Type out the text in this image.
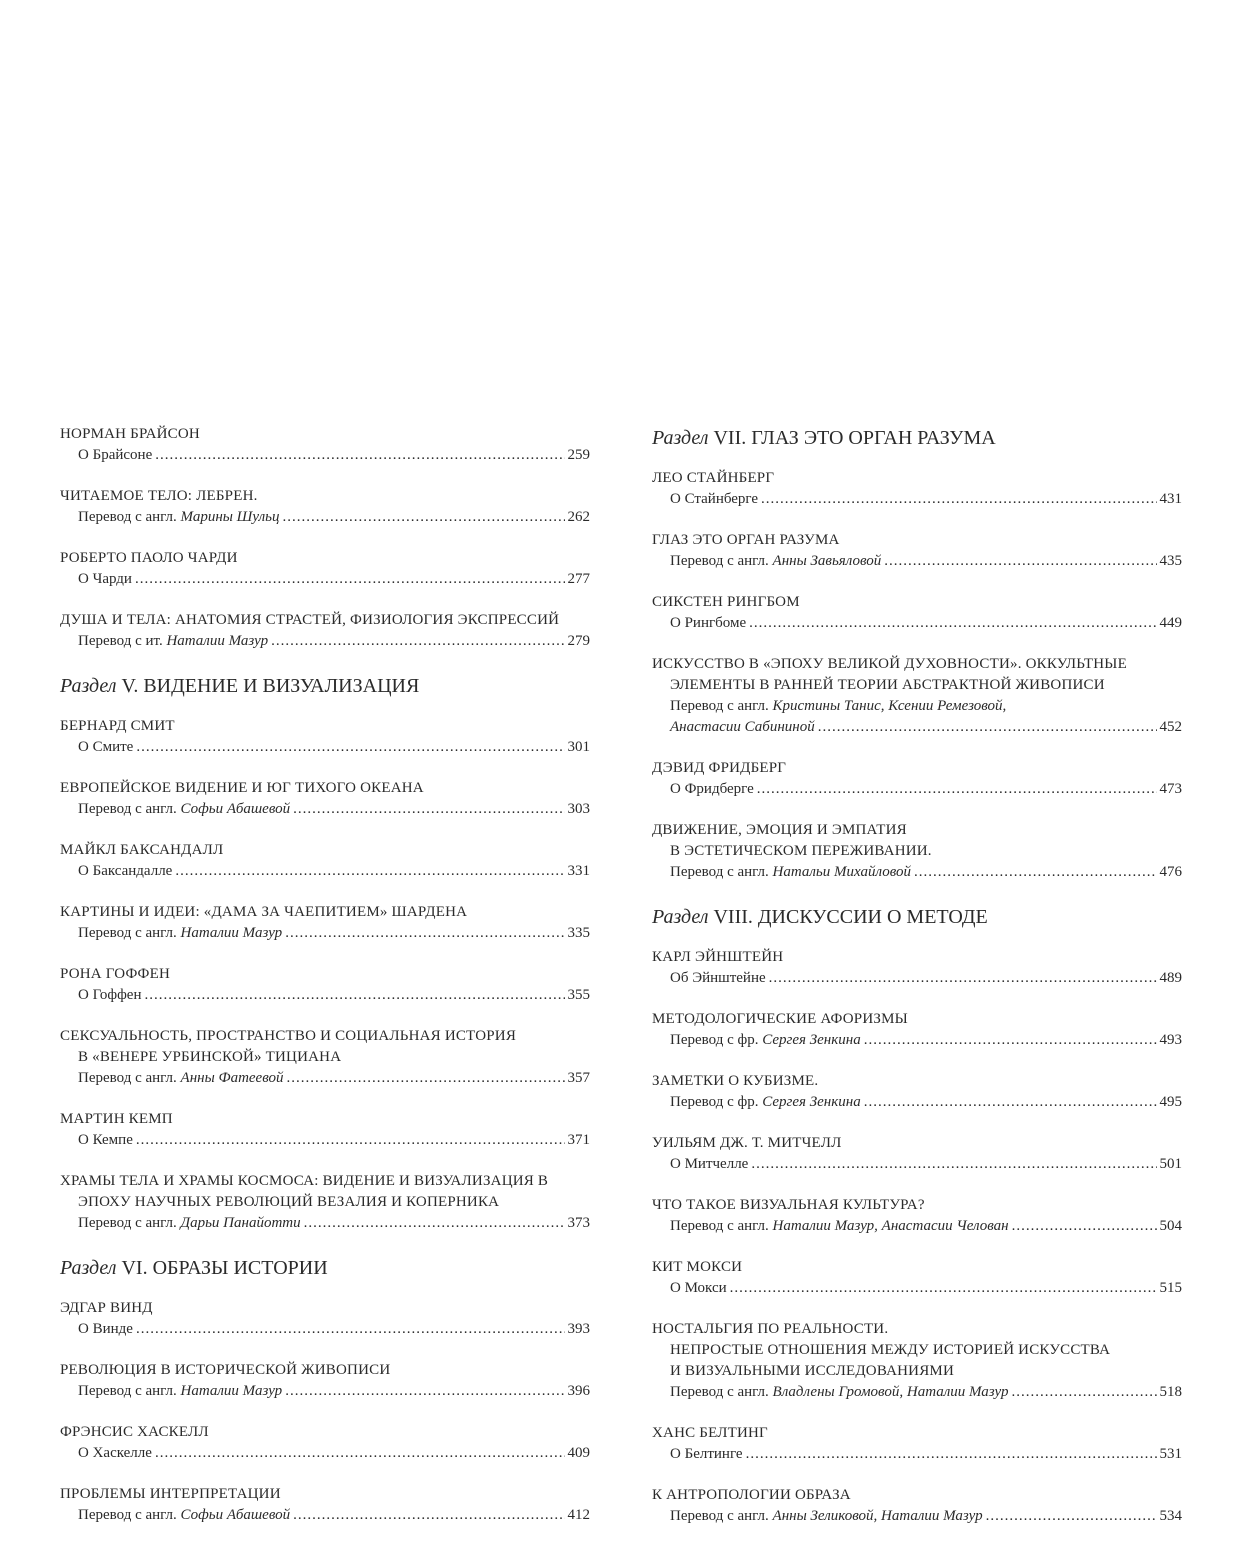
НОРМАН БРАЙСОН
О Брайсоне .....	259
ЧИТАЕМОЕ ТЕЛО: ЛЕБРЕН.
Перевод с англ. Марины Шульц .....	262
РОБЕРТО ПАОЛО ЧАРДИ
О Чарди .....	277
ДУША И ТЕЛА: АНАТОМИЯ СТРАСТЕЙ, ФИЗИОЛОГИЯ ЭКСПРЕССИЙ
Перевод с ит. Наталии Мазур .....	279
Раздел V. ВИДЕНИЕ И ВИЗУАЛИЗАЦИЯ
БЕРНАРД СМИТ
О Смите .....	301
ЕВРОПЕЙСКОЕ ВИДЕНИЕ И ЮГ ТИХОГО ОКЕАНА
Перевод с англ. Софьи Абашевой .....	303
МАЙКЛ БАКСАНДАЛЛ
О Баксандалле .....	331
КАРТИНЫ И ИДЕИ: «ДАМА ЗА ЧАЕПИТИЕМ» ШАРДЕНА
Перевод с англ. Наталии Мазур .....	335
РОНА ГОФФЕН
О Гоффен .....	355
СЕКСУАЛЬНОСТЬ, ПРОСТРАНСТВО И СОЦИАЛЬНАЯ ИСТОРИЯ
В «ВЕНЕРЕ УРБИНСКОЙ» ТИЦИАНА
Перевод с англ. Анны Фатеевой .....	357
МАРТИН КЕМП
О Кемпе .....	371
ХРАМЫ ТЕЛА И ХРАМЫ КОСМОСА: ВИДЕНИЕ И ВИЗУАЛИЗАЦИЯ В
ЭПОХУ НАУЧНЫХ РЕВОЛЮЦИЙ ВЕЗАЛИЯ И КОПЕРНИКА
Перевод с англ. Дарьи Панайотти .....	373
Раздел VI. ОБРАЗЫ ИСТОРИИ
ЭДГАР ВИНД
О Винде .....	393
РЕВОЛЮЦИЯ В ИСТОРИЧЕСКОЙ ЖИВОПИСИ
Перевод с англ. Наталии Мазур .....	396
ФРЭНСИС ХАСКЕЛЛ
О Хаскелле .....	409
ПРОБЛЕМЫ ИНТЕРПРЕТАЦИИ
Перевод с англ. Софьи Абашевой .....	412
Раздел VII. ГЛАЗ ЭТО ОРГАН РАЗУМА
ЛЕО СТАЙНБЕРГ
О Стайнберге .....	431
ГЛАЗ ЭТО ОРГАН РАЗУМА
Перевод с англ. Анны Завьяловой .....	435
СИКСТЕН РИНГБОМ
О Рингбоме .....	449
ИСКУССТВО В «ЭПОХУ ВЕЛИКОЙ ДУХОВНОСТИ». ОККУЛЬТНЫЕ
ЭЛЕМЕНТЫ В РАННЕЙ ТЕОРИИ АБСТРАКТНОЙ ЖИВОПИСИ
Перевод с англ. Кристины Танис, Ксении Ремезовой,
Анастасии Сабининой .....	452
ДЭВИД ФРИДБЕРГ
О Фридберге .....	473
ДВИЖЕНИЕ, ЭМОЦИЯ И ЭМПАТИЯ
В ЭСТЕТИЧЕСКОМ ПЕРЕЖИВАНИИ.
Перевод с англ. Натальи Михайловой .....	476
Раздел VIII. ДИСКУССИИ О МЕТОДЕ
КАРЛ ЭЙНШТЕЙН
Об Эйнштейне .....	489
МЕТОДОЛОГИЧЕСКИЕ АФОРИЗМЫ
Перевод с фр. Сергея Зенкина .....	493
ЗАМЕТКИ О КУБИЗМЕ.
Перевод с фр. Сергея Зенкина .....	495
УИЛЬЯМ ДЖ. Т. МИТЧЕЛЛ
О Митчелле .....	501
ЧТО ТАКОЕ ВИЗУАЛЬНАЯ КУЛЬТУРА?
Перевод с англ. Наталии Мазур, Анастасии Челован .....	504
КИТ МОКСИ
О Мокси .....	515
НОСТАЛЬГИЯ ПО РЕАЛЬНОСТИ.
НЕПРОСТЫЕ ОТНОШЕНИЯ МЕЖДУ ИСТОРИЕЙ ИСКУССТВА
И ВИЗУАЛЬНЫМИ ИССЛЕДОВАНИЯМИ
Перевод с англ. Владлены Громовой, Наталии Мазур .....	518
ХАНС БЕЛТИНГ
О Белтинге .....	531
К АНТРОПОЛОГИИ ОБРАЗА
Перевод с англ. Анны Зеликовой, Наталии Мазур .....	534
